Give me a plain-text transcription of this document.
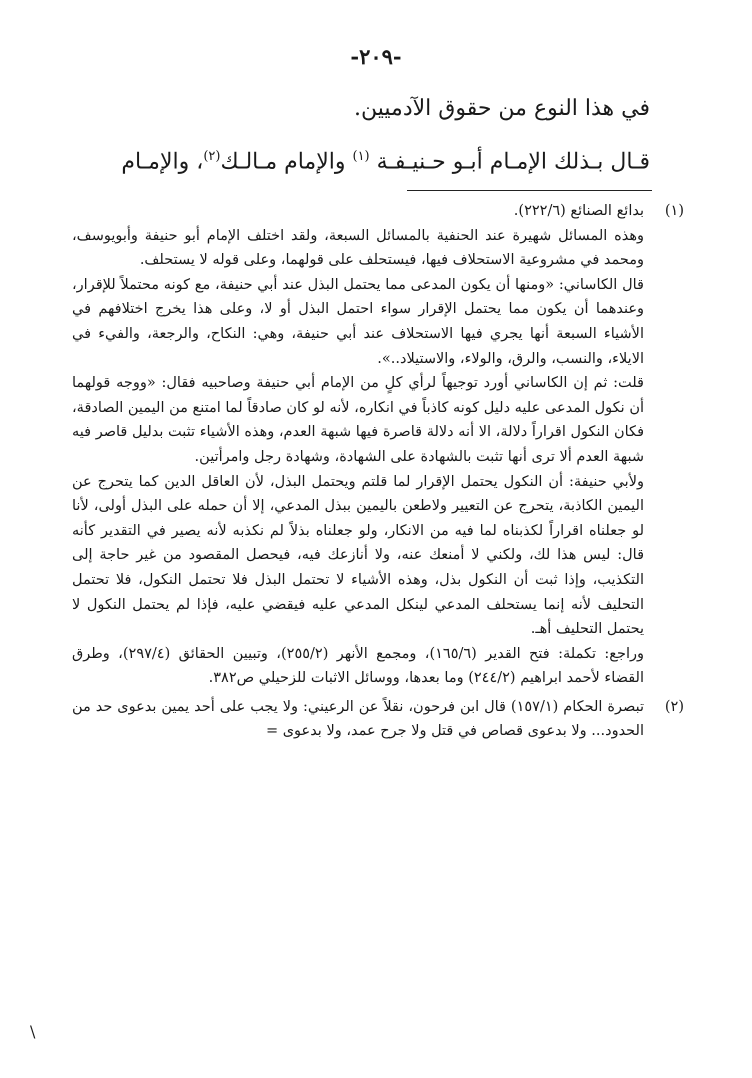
-٢٠٩-
في هذا النوع من حقوق الآدميين.
قـال بـذلك الإمـام أبـو حـنيـفـة $^{(١)}$ والإمام مـالـك$^{(٢)}$، والإمـام
(١)

بدائع الصنائع (٢٢٢/٦).

وهذه المسائل شهيرة عند الحنفية بالمسائل السبعة، ولقد اختلف الإمام أبو حنيفة وأبويوسف، ومحمد في مشروعية الاستحلاف فيها، فيستحلف على قولهما، وعلى قوله لا يستحلف.

قال الكاساني: «ومنها أن يكون المدعى مما يحتمل البذل عند أبي حنيفة، مع كونه محتملاً للإقرار، وعندهما أن يكون مما يحتمل الإقرار سواء احتمل البذل أو لا، وعلى هذا يخرج اختلافهم في الأشياء السبعة أنها يجري فيها الاستحلاف عند أبي حنيفة، وهي: النكاح، والرجعة، والفيء في الايلاء، والنسب، والرق، والولاء، والاستيلاد..».

قلت: ثم إن الكاساني أورد توجيهاً لرأي كلٍ من الإمام أبي حنيفة وصاحبيه فقال: «ووجه قولهما أن نكول المدعى عليه دليل كونه كاذباً في انكاره، لأنه لو كان صادقاً لما امتنع من اليمين الصادقة، فكان النكول اقراراً دلالة، الا أنه دلالة قاصرة فيها شبهة العدم، وهذه الأشياء تثبت بدليل قاصر فيه شبهة العدم ألا ترى أنها تثبت بالشهادة على الشهادة، وشهادة رجل وامرأتين.

ولأبي حنيفة: أن النكول يحتمل الإقرار لما قلتم ويحتمل البذل، لأن العاقل الدين كما يتحرج عن اليمين الكاذبة، يتحرج عن التعيير ولاطعن باليمين ببذل المدعي، إلا أن حمله على البذل أولى، لأنا لو جعلناه اقراراً لكذبناه لما فيه من الانكار، ولو جعلناه بذلاً لم نكذبه لأنه يصير في التقدير كأنه قال: ليس هذا لك، ولكني لا أمنعك عنه، ولا أنازعك فيه، فيحصل المقصود من غير حاجة إلى التكذيب، وإذا ثبت أن النكول بذل، وهذه الأشياء لا تحتمل البذل فلا تحتمل النكول، فلا تحتمل التحليف لأنه إنما يستحلف المدعي لينكل المدعي عليه فيقضي عليه، فإذا لم يحتمل النكول لا يحتمل التحليف أهـ.

وراجع: تكملة: فتح القدير (١٦٥/٦)، ومجمع الأنهر (٢٥٥/٢)، وتبيين الحقائق (٢٩٧/٤)، وطرق القضاء لأحمد ابراهيم (٢٤٤/٢) وما بعدها، ووسائل الاثبات للزحيلي ص٣٨٢.

(٢)

تبصرة الحكام (١٥٧/١) قال ابن فرحون، نقلاً عن الرعيني: ولا يجب على أحد يمين بدعوى حد من الحدود... ولا بدعوى قصاص في قتل ولا جرح عمد، ولا بدعوى =

\
